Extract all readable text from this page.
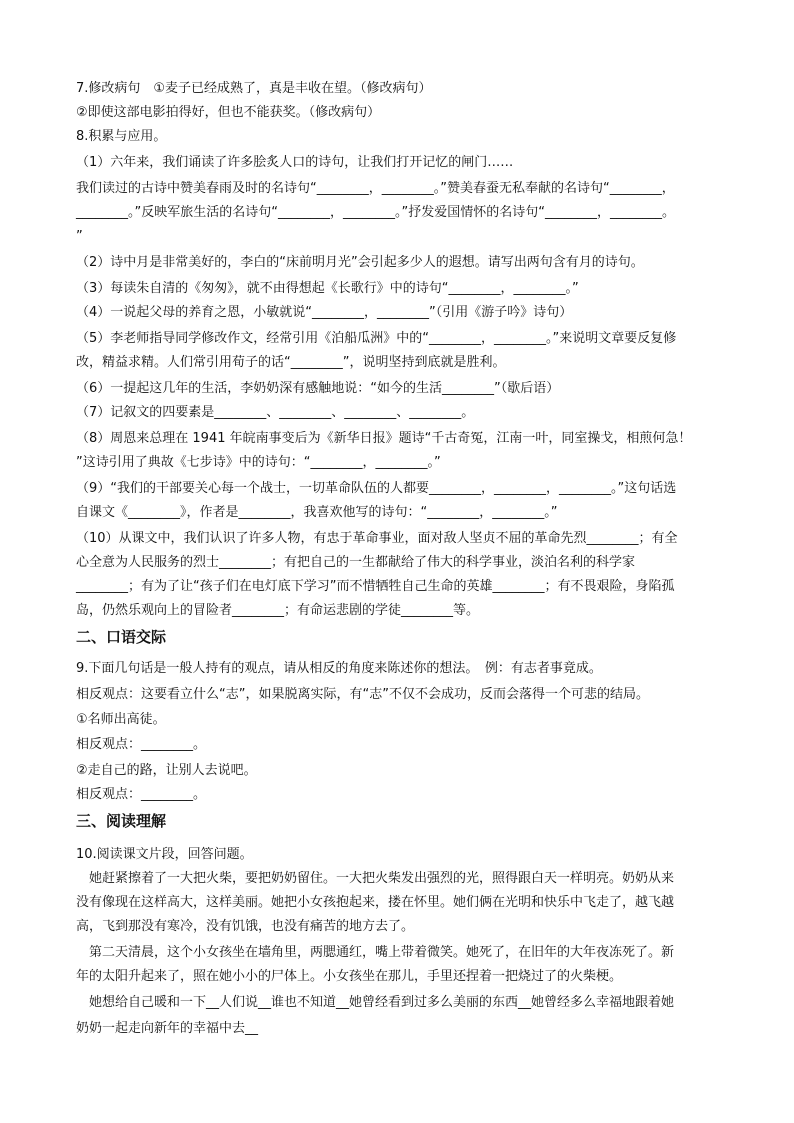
7.修改病句　①麦子已经成熟了，真是丰收在望。（修改病句）
②即使这部电影拍得好，但也不能获奖。（修改病句）
8.积累与应用。
（1）六年来，我们诵读了许多脍炙人口的诗句，让我们打开记忆的闸门……
我们读过的古诗中赞美春雨及时的名诗句“________，________。”赞美春蚕无私奉献的名诗句“________，
________。”反映军旅生活的名诗句“________，________。”抒发爱国情怀的名诗句“________，________。
”
（2）诗中月是非常美好的，李白的“床前明月光”会引起多少人的遐想。请写出两句含有月的诗句。
（3）每读朱自清的《匆匆》，就不由得想起《长歌行》中的诗句“________，________。”
（4）一说起父母的养育之恩，小敏就说“________，________”（引用《游子吟》诗句）
（5）李老师指导同学修改作文，经常引用《泊船瓜洲》中的“________，________。”来说明文章要反复修
改，精益求精。人们常引用荀子的话“________”，说明坚持到底就是胜利。
（6）一提起这几年的生活，李奶奶深有感触地说：“如今的生活________”（歇后语）
（7）记叙文的四要素是________、________、________、________。
（8）周恩来总理在 1941 年皖南事变后为《新华日报》题诗“千古奇冤，江南一叶，同室操戈，相煎何急！
”这诗引用了典故《七步诗》中的诗句：“________，________。”
（9）“我们的干部要关心每一个战士，一切革命队伍的人都要________，________，________。”这句话选
自课文《________》，作者是________，我喜欢他写的诗句：“________，________。”
（10）从课文中，我们认识了许多人物，有忠于革命事业，面对敌人坚贞不屈的革命先烈________；有全
心全意为人民服务的烈士________；有把自己的一生都献给了伟大的科学事业，淡泊名利的科学家
________；有为了让“孩子们在电灯底下学习”而不惜牺牲自己生命的英雄________；有不畏艰险，身陷孤
岛，仍然乐观向上的冒险者________；有命运悲剧的学徒________等。
二、口语交际
9.下面几句话是一般人持有的观点，请从相反的角度来陈述你的想法。　例：有志者事竟成。
相反观点：这要看立什么“志”，如果脱离实际，有“志”不仅不会成功，反而会落得一个可悲的结局。
①名师出高徒。
相反观点：________。
②走自己的路，让别人去说吧。
相反观点：________。
三、阅读理解
10.阅读课文片段，回答问题。
　她赶紧擦着了一大把火柴，要把奶奶留住。一大把火柴发出强烈的光，照得跟白天一样明亮。奶奶从来
没有像现在这样高大，这样美丽。她把小女孩抱起来，搂在怀里。她们俩在光明和快乐中飞走了，越飞越
高，飞到那没有寒冷，没有饥饿，也没有痛苦的地方去了。
　第二天清晨，这个小女孩坐在墙角里，两腮通红，嘴上带着微笑。她死了，在旧年的大年夜冻死了。新
年的太阳升起来了，照在她小小的尸体上。小女孩坐在那儿，手里还捏着一把烧过了的火柴梗。
　她想给自己暖和一下__人们说__谁也不知道__她曾经看到过多么美丽的东西__她曾经多么幸福地跟着她
奶奶一起走向新年的幸福中去__
